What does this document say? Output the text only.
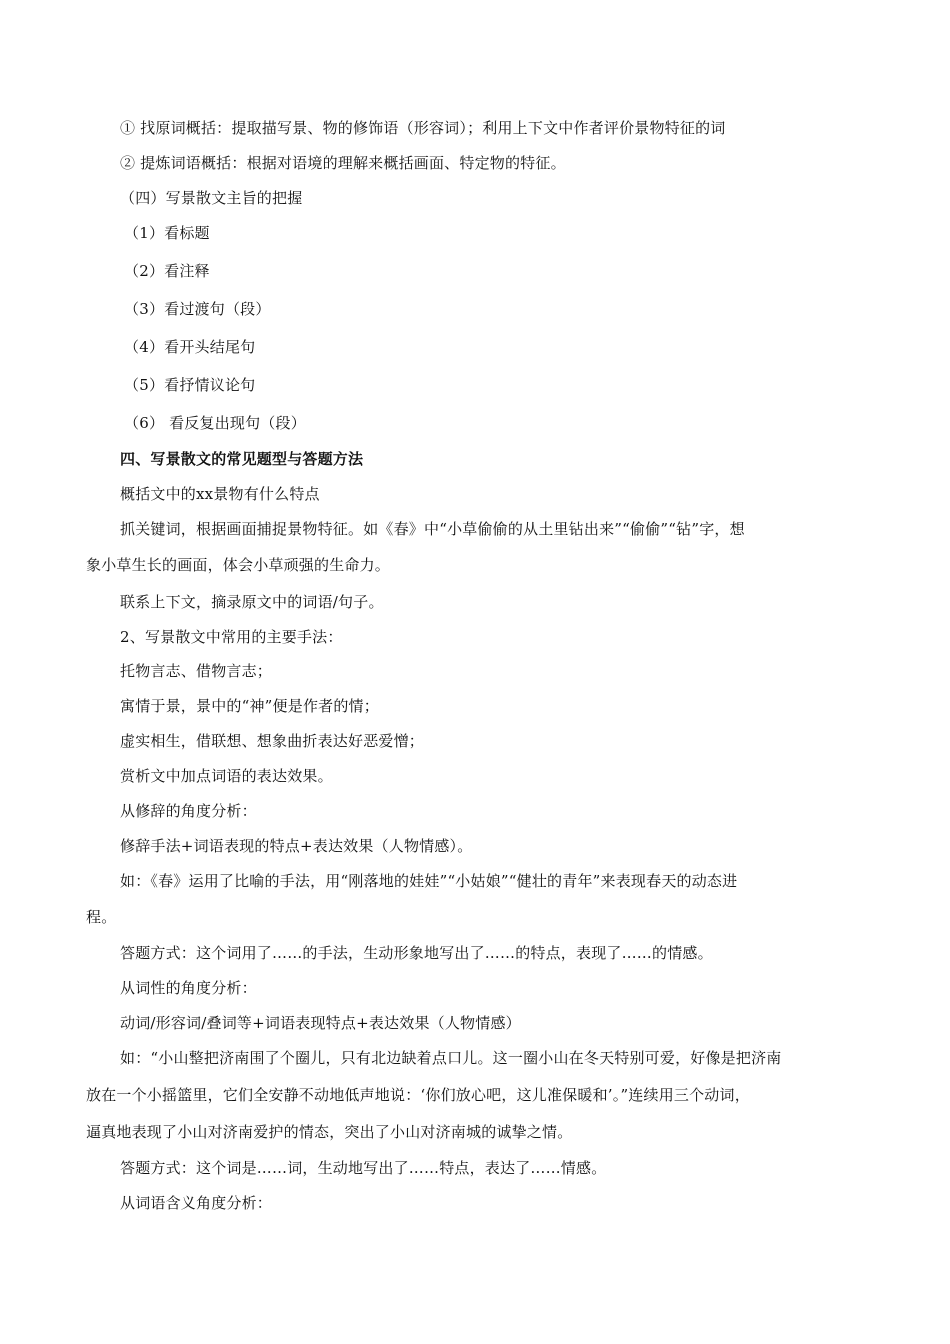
① 找原词概括：提取描写景、物的修饰语（形容词）；利用上下文中作者评价景物特征的词
② 提炼词语概括：根据对语境的理解来概括画面、特定物的特征。
（四）写景散文主旨的把握
（1）看标题
（2）看注释
（3）看过渡句（段）
（4）看开头结尾句
（5）看抒情议论句
（6） 看反复出现句（段）
四、写景散文的常见题型与答题方法
概括文中的xx景物有什么特点
抓关键词，根据画面捕捉景物特征。如《春》中“小草偷偷的从土里钻出来”“偷偷”“钻”字，想
象小草生长的画面，体会小草顽强的生命力。
联系上下文，摘录原文中的词语/句子。
2、写景散文中常用的主要手法：
托物言志、借物言志；
寓情于景，景中的“神”便是作者的情；
虚实相生，借联想、想象曲折表达好恶爱憎；
赏析文中加点词语的表达效果。
从修辞的角度分析：
修辞手法+词语表现的特点+表达效果（人物情感）。
如：《春》运用了比喻的手法，用“刚落地的娃娃”“小姑娘”“健壮的青年”来表现春天的动态进
程。
答题方式：这个词用了……的手法，生动形象地写出了……的特点，表现了……的情感。
从词性的角度分析：
动词/形容词/叠词等+词语表现特点+表达效果（人物情感）
如：“小山整把济南围了个圈儿，只有北边缺着点口儿。这一圈小山在冬天特别可爱，好像是把济南
放在一个小摇篮里，它们全安静不动地低声地说：‘你们放心吧，这儿准保暖和’。”连续用三个动词，
逼真地表现了小山对济南爱护的情态，突出了小山对济南城的诚挚之情。
答题方式：这个词是……词，生动地写出了……特点，表达了……情感。
从词语含义角度分析：
